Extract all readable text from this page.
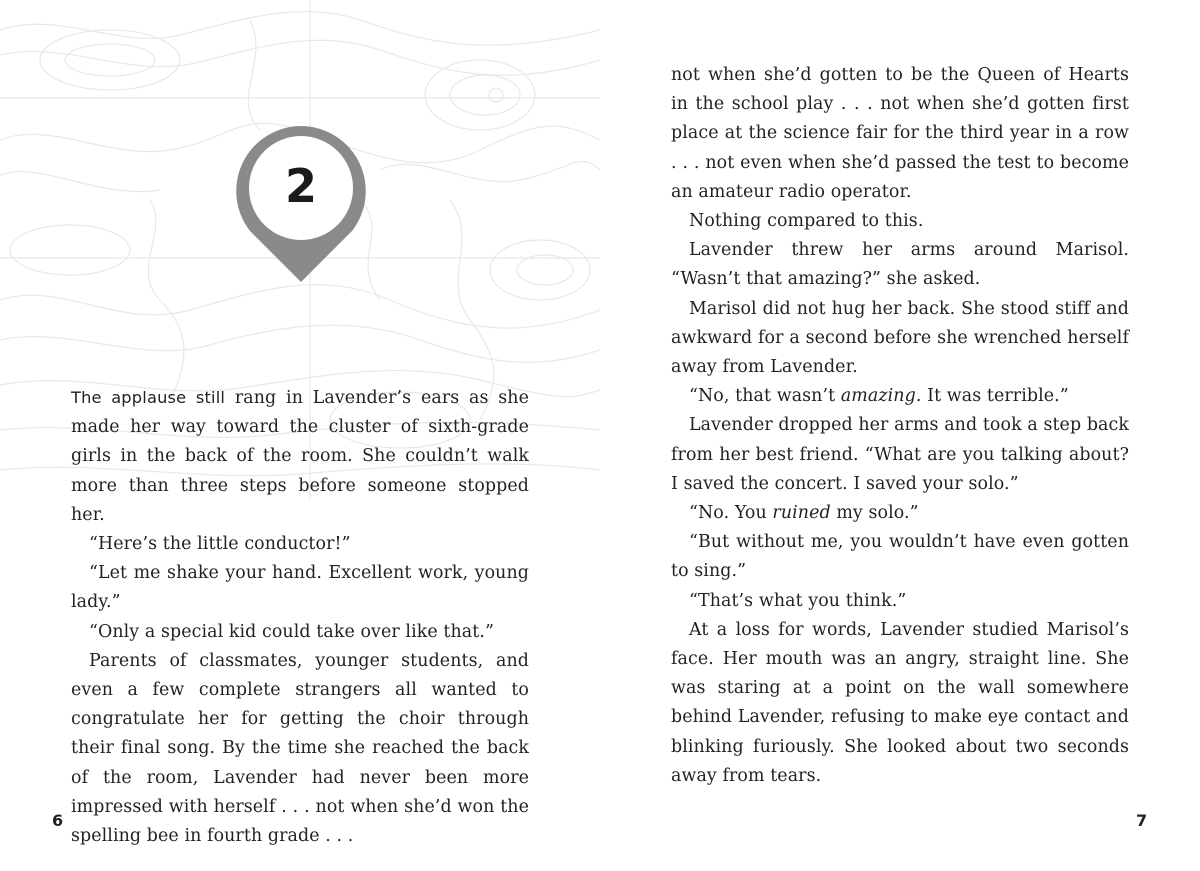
2

The applause still rang in Lavender’s ears as she made her way toward the cluster of sixth-grade girls in the back of the room. She couldn’t walk more than three steps before someone stopped her.

“Here’s the little conductor!”

“Let me shake your hand. Excellent work, young lady.”

“Only a special kid could take over like that.”

Parents of classmates, younger students, and even a few complete strangers all wanted to congratulate her for getting the choir through their final song. By the time she reached the back of the room, Lavender had never been more impressed with herself . . . not when she’d won the spelling bee in fourth grade . . .

6

not when she’d gotten to be the Queen of Hearts in the school play . . . not when she’d gotten first place at the science fair for the third year in a row . . . not even when she’d passed the test to become an amateur radio operator.

Nothing compared to this.

Lavender threw her arms around Marisol. “Wasn’t that amazing?” she asked.

Marisol did not hug her back. She stood stiff and awkward for a second before she wrenched herself away from Lavender.

“No, that wasn’t amazing. It was terrible.”

Lavender dropped her arms and took a step back from her best friend. “What are you talking about? I saved the concert. I saved your solo.”

“No. You ruined my solo.”

“But without me, you wouldn’t have even gotten to sing.”

“That’s what you think.”

At a loss for words, Lavender studied Marisol’s face. Her mouth was an angry, straight line. She was staring at a point on the wall somewhere behind Lavender, refusing to make eye contact and blinking furiously. She looked about two seconds away from tears.

7
